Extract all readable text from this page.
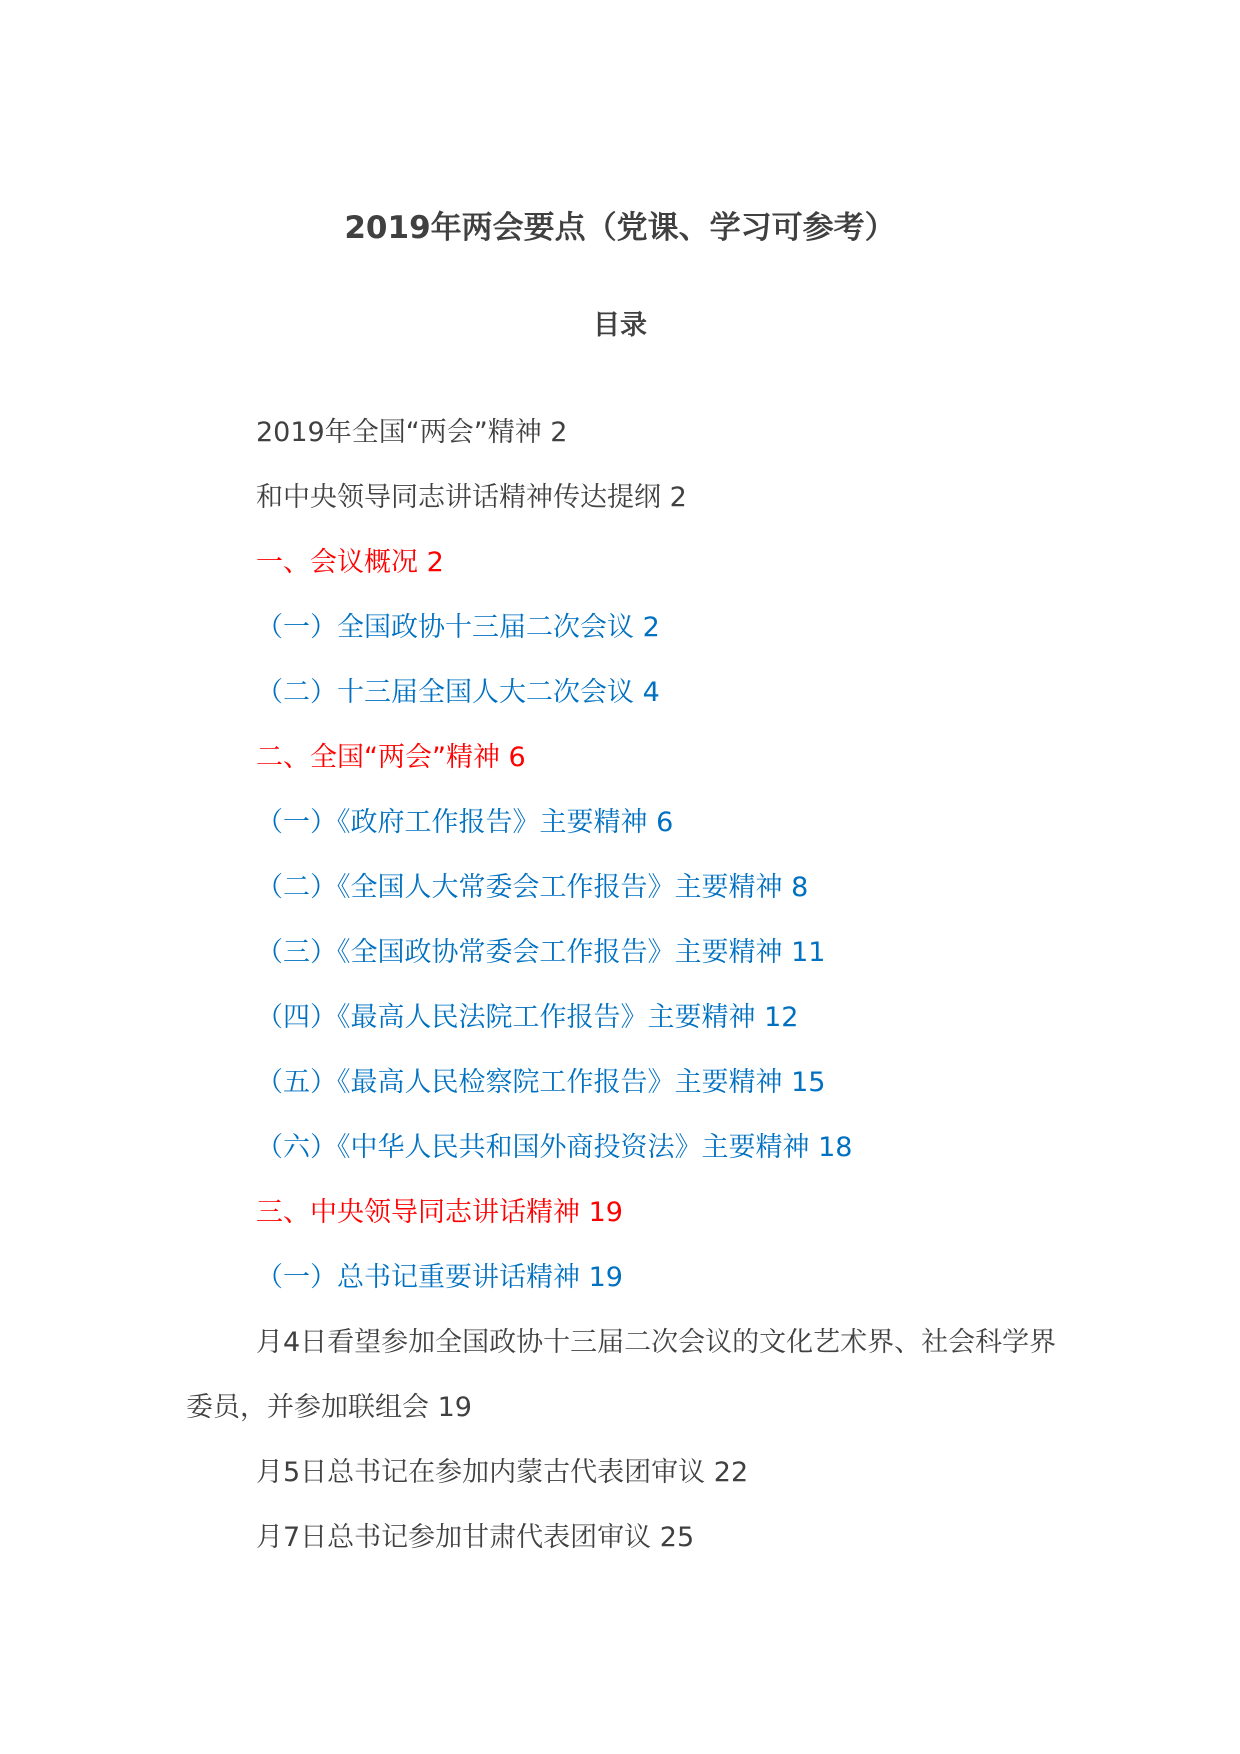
2019年两会要点（党课、学习可参考）
目录
2019年全国“两会”精神 2
和中央领导同志讲话精神传达提纲 2
一、会议概况 2
（一）全国政协十三届二次会议 2
（二）十三届全国人大二次会议 4
二、全国“两会”精神 6
（一）《政府工作报告》主要精神 6
（二）《全国人大常委会工作报告》主要精神 8
（三）《全国政协常委会工作报告》主要精神 11
（四）《最高人民法院工作报告》主要精神 12
（五）《最高人民检察院工作报告》主要精神 15
（六）《中华人民共和国外商投资法》主要精神 18
三、中央领导同志讲话精神 19
（一）总书记重要讲话精神 19
月4日看望参加全国政协十三届二次会议的文化艺术界、社会科学界委员，并参加联组会 19
月5日总书记在参加内蒙古代表团审议 22
月7日总书记参加甘肃代表团审议 25
